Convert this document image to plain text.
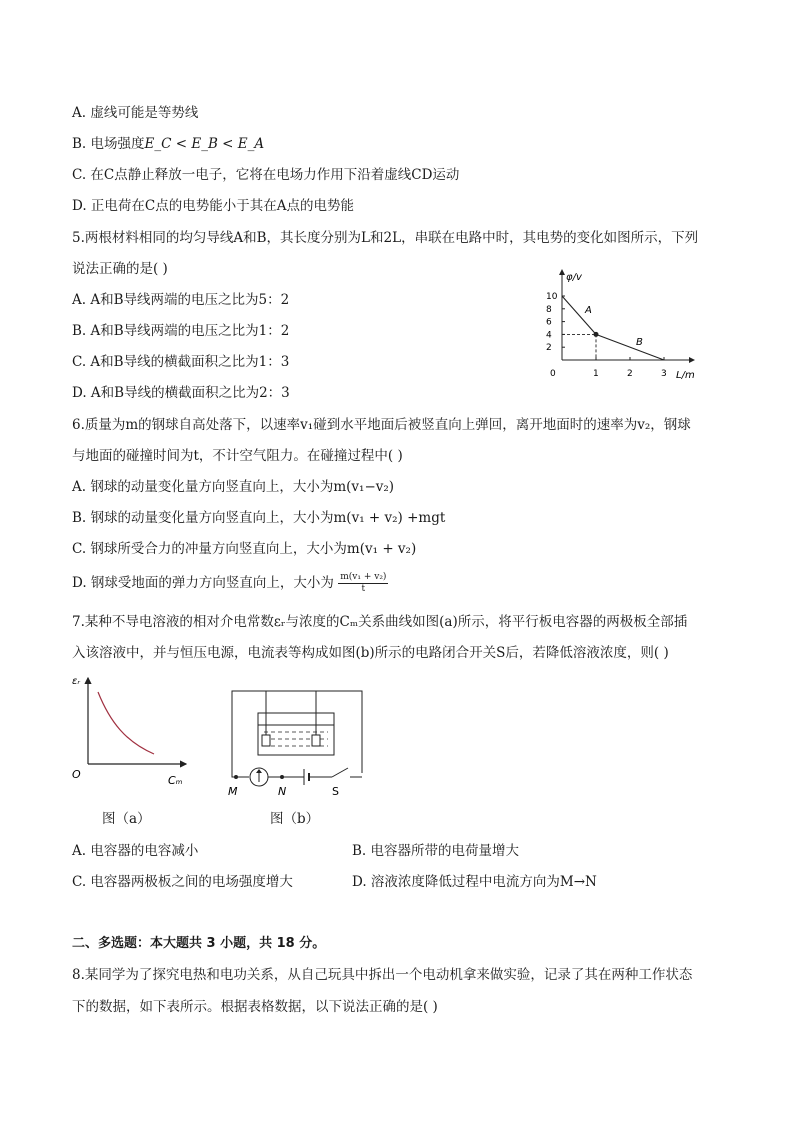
A. 虚线可能是等势线
B. 电场强度E_C < E_B < E_A
C. 在C点静止释放一电子，它将在电场力作用下沿着虚线CD运动
D. 正电荷在C点的电势能小于其在A点的电势能
5.两根材料相同的均匀导线A和B，其长度分别为L和2L，串联在电路中时，其电势的变化如图所示，下列
说法正确的是( )
A. A和B导线两端的电压之比为5：2
B. A和B导线两端的电压之比为1：2
C. A和B导线的横截面积之比为1：3
D. A和B导线的横截面积之比为2：3
φ/v
L/m
10
8
6
4
2
0	1	2	3
A
B
6.质量为m的钢球自高处落下，以速率v₁碰到水平地面后被竖直向上弹回，离开地面时的速率为v₂，钢球
与地面的碰撞时间为t，不计空气阻力。在碰撞过程中( )
A. 钢球的动量变化量方向竖直向上，大小为m(v₁−v₂)
B. 钢球的动量变化量方向竖直向上，大小为m(v₁ + v₂) +mgt
C. 钢球所受合力的冲量方向竖直向上，大小为m(v₁ + v₂)
D. 钢球受地面的弹力方向竖直向上，大小为 $\frac{\text{m(v₁ + v₂)}}{t}$
7.某种不导电溶液的相对介电常数εᵣ与浓度的Cₘ关系曲线如图(a)所示，将平行板电容器的两极板全部插
入该溶液中，并与恒压电源，电流表等构成如图(b)所示的电路闭合开关S后，若降低溶液浓度，则( )
εᵣ
O	Cₘ
图（a）
M	N	S
图（b）
A. 电容器的电容减小	B. 电容器所带的电荷量增大
C. 电容器两极板之间的电场强度增大	D. 溶液浓度降低过程中电流方向为M→N
二、多选题：本大题共 3 小题，共 18 分。
8.某同学为了探究电热和电功关系，从自己玩具中拆出一个电动机拿来做实验，记录了其在两种工作状态
下的数据，如下表所示。根据表格数据，以下说法正确的是( )
